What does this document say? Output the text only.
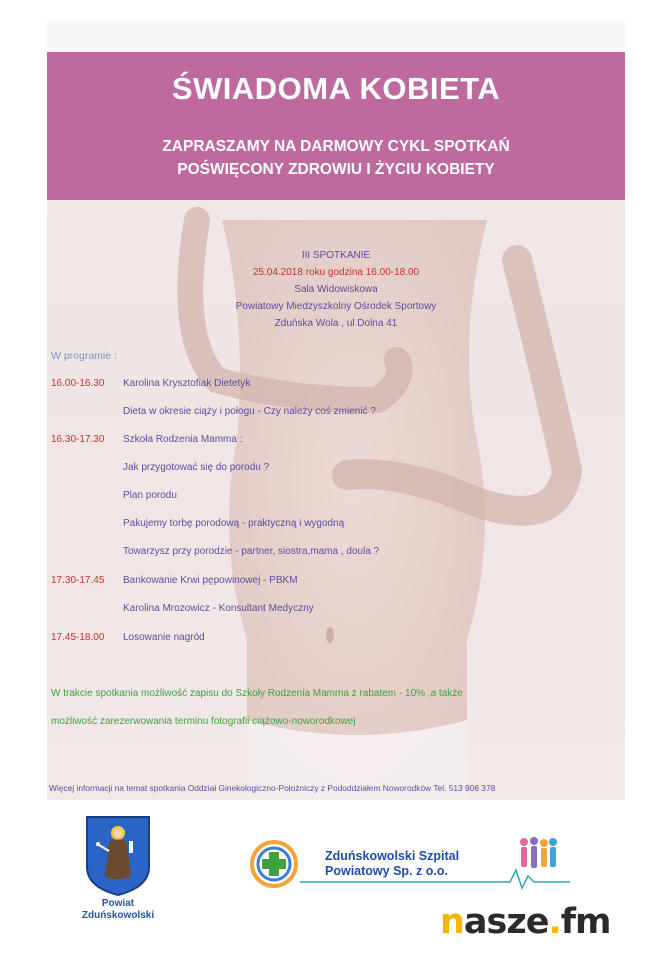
ŚWIADOMA KOBIETA
ZAPRASZAMY NA DARMOWY CYKL SPOTKAŃ
POŚWIĘCONY ZDROWIU I ŻYCIU KOBIETY
III SPOTKANIE
25.04.2018 roku godzina 16.00-18.00
Sala Widowiskowa
Powiatowy Miedzyszkolny Ośrodek Sportowy
Zduńska Wola , ul Dolna 41
W programie :
16.00-16.30 Karolina Krysztofiak Dietetyk
Dieta w okresie ciąży i połogu - Czy należy coś zmienić ?
16.30-17.30 Szkoła Rodzenia Mamma :
Jak przygotować się do porodu ?
Plan porodu
Pakujemy torbę porodową - praktyczną i wygodną
Towarzysz przy porodzie - partner, siostra,mama , doula ?
17.30-17.45 Bankowanie Krwi pępowinowej - PBKM
Karolina Mrozowicz - Konsultant Medyczny
17.45-18.00 Losowanie nagród
W trakcie spotkania możliwość zapisu do Szkoły Rodzenia Mamma z rabatem - 10% ,a także
możliwość zarezerwowania terminu fotografii ciążowo-noworodkowej
Więcej informacji na temat spotkania Oddział Ginekologiczno-Położniczy z Pododdziałem Noworodków Tel. 513 906 378
Powiat
Zduńskowolski
Zduńskowolski Szpital
Powiatowy Sp. z o.o.
nasze.fm
